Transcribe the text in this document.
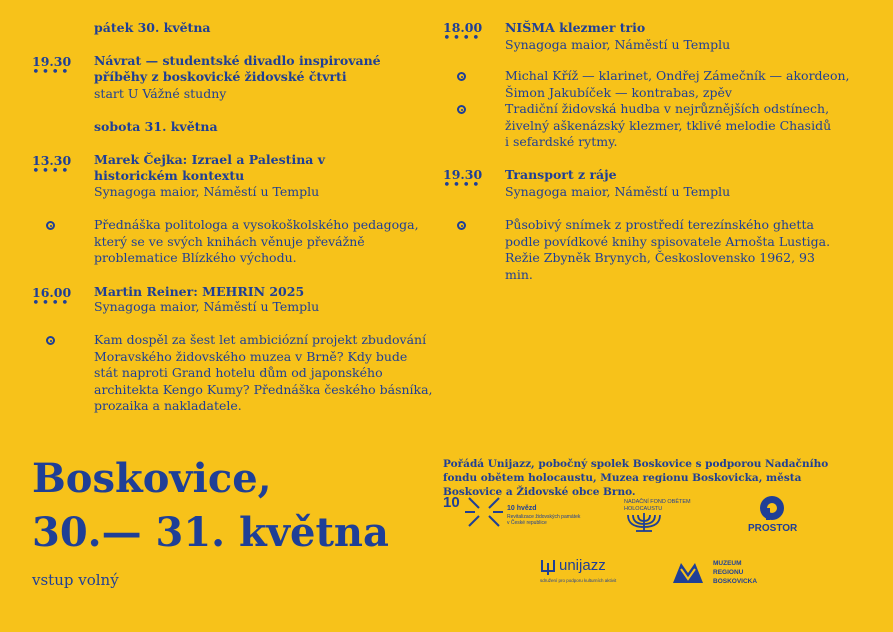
pátek 30. května
19.30
••••
Návrat — studentské divadlo inspirované příběhy z boskovické židovské čtvrti
start U Vážné studny
sobota 31. května
13.30
••••
Marek Čejka: Izrael a Palestina v historickém kontextu
Synagoga maior, Náměstí u Templu
Přednáška politologa a vysokoškolského pedagoga, který se ve svých knihách věnuje převážně problematice Blízkého východu.
16.00
••••
Martin Reiner: MEHRIN 2025
Synagoga maior, Náměstí u Templu
Kam dospěl za šest let ambiciózní projekt zbudování Moravského židovského muzea v Brně? Kdy bude stát naproti Grand hotelu dům od japonského architekta Kengo Kumy? Přednáška českého básníka, prozaika a nakladatele.
18.00
••••
NIŠMA klezmer trio
Synagoga maior, Náměstí u Templu
Michal Kříž — klarinet, Ondřej Zámečník — akordeon, Šimon Jakubíček — kontrabas, zpěv
Tradiční židovská hudba v nejrůznějších odstínech, živelný aškenázský klezmer, tklivé melodie Chasidů i sefardské rytmy.
19.30
••••
Transport z ráje
Synagoga maior, Náměstí u Templu
Působivý snímek z prostředí terezínského ghetta podle povídkové knihy spisovatele Arnošta Lustiga. Režie Zbyněk Brynych, Československo 1962, 93 min.
Boskovice,
30.— 31. května
vstup volný
Pořádá Unijazz, pobočný spolek Boskovice s podporou Nadačního fondu obětem holocaustu, Muzea regionu Boskovicka, města Boskovice a Židovské obce Brno.
10	10 hvězd
Revitalizace židovských památek v České republice
NADAČNÍ FOND OBĚTEM HOLOCAUSTU
PROSTOR
unijazz
sdružení pro podporu kulturních aktivit
MUZEUM REGIONU BOSKOVICKA
